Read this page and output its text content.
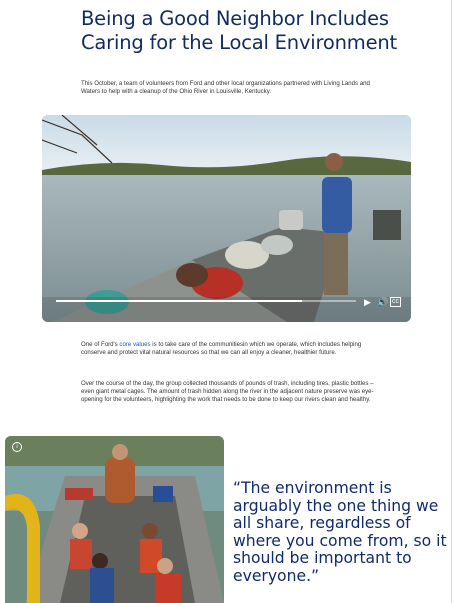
Being a Good Neighbor Includes Caring for the Local Environment

This October, a team of volunteers from Ford and other local organizations partnered with Living Lands and Waters to help with a cleanup of the Ohio River in Louisville, Kentucky.

▶ 🔊 cc

One of Ford's core values is to take care of the communitiesin which we operate, which includes helping conserve and protect vital natural resources so that we can all enjoy a cleaner, healthier future.

Over the course of the day, the group collected thousands of pounds of trash, including tires, plastic bottles – even giant metal cages. The amount of trash hidden along the river in the adjacent nature preserve was eye-opening for the volunteers, highlighting the work that needs to be done to keep our rivers clean and healthy.

i

“The environment is arguably the one thing we all share, regardless of where you come from, so it should be important to everyone.”
